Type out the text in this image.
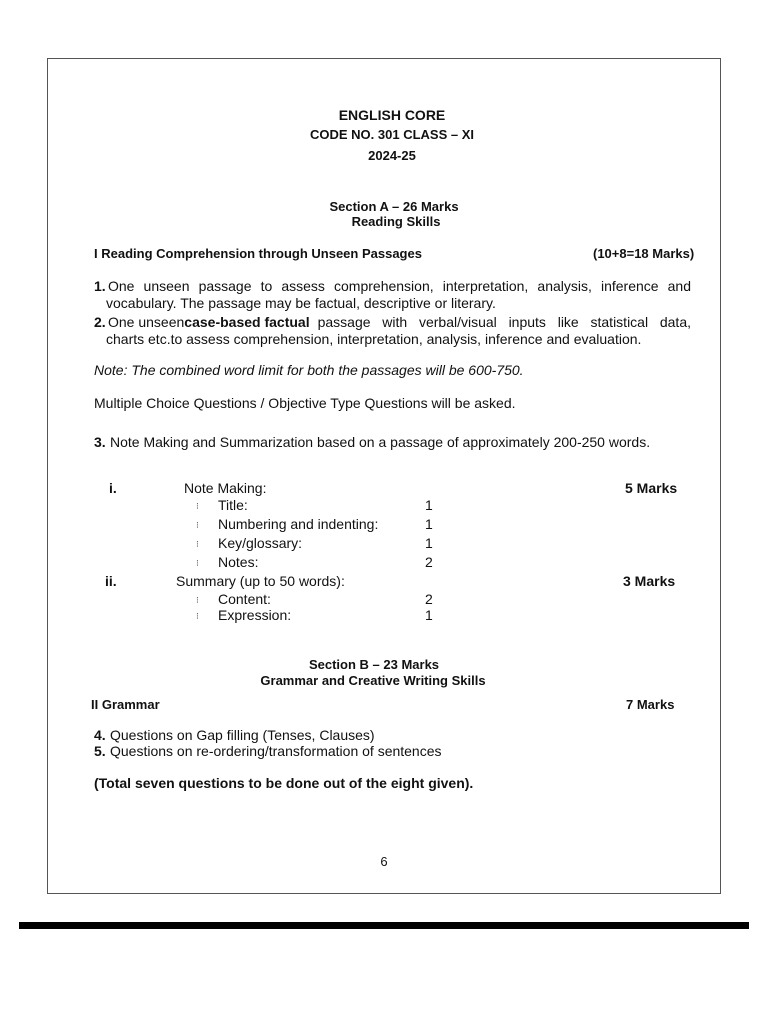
ENGLISH CORE
CODE NO. 301 CLASS – XI
2024-25
Section A – 26 Marks
Reading Skills
I Reading Comprehension through Unseen Passages	(10+8=18 Marks)
1. One unseen passage to assess comprehension, interpretation, analysis, inference and
vocabulary. The passage may be factual, descriptive or literary.
2. One unseen case-based factual passage with verbal/visual inputs like statistical data,
charts etc.to assess comprehension, interpretation, analysis, inference and evaluation.
Note: The combined word limit for both the passages will be 600-750.
Multiple Choice Questions / Objective Type Questions will be asked.
3. Note Making and Summarization based on a passage of approximately 200-250 words.
i.	Note Making:	5 Marks
⁝ Title:	1
⁝ Numbering and indenting:	1
⁝ Key/glossary:	1
⁝ Notes:	2
ii.	Summary (up to 50 words):	3 Marks
⁝ Content:	2
⁝ Expression:	1
Section B – 23 Marks
Grammar and Creative Writing Skills
II Grammar	7 Marks
4. Questions on Gap filling (Tenses, Clauses)
5. Questions on re-ordering/transformation of sentences
(Total seven questions to be done out of the eight given).
6
